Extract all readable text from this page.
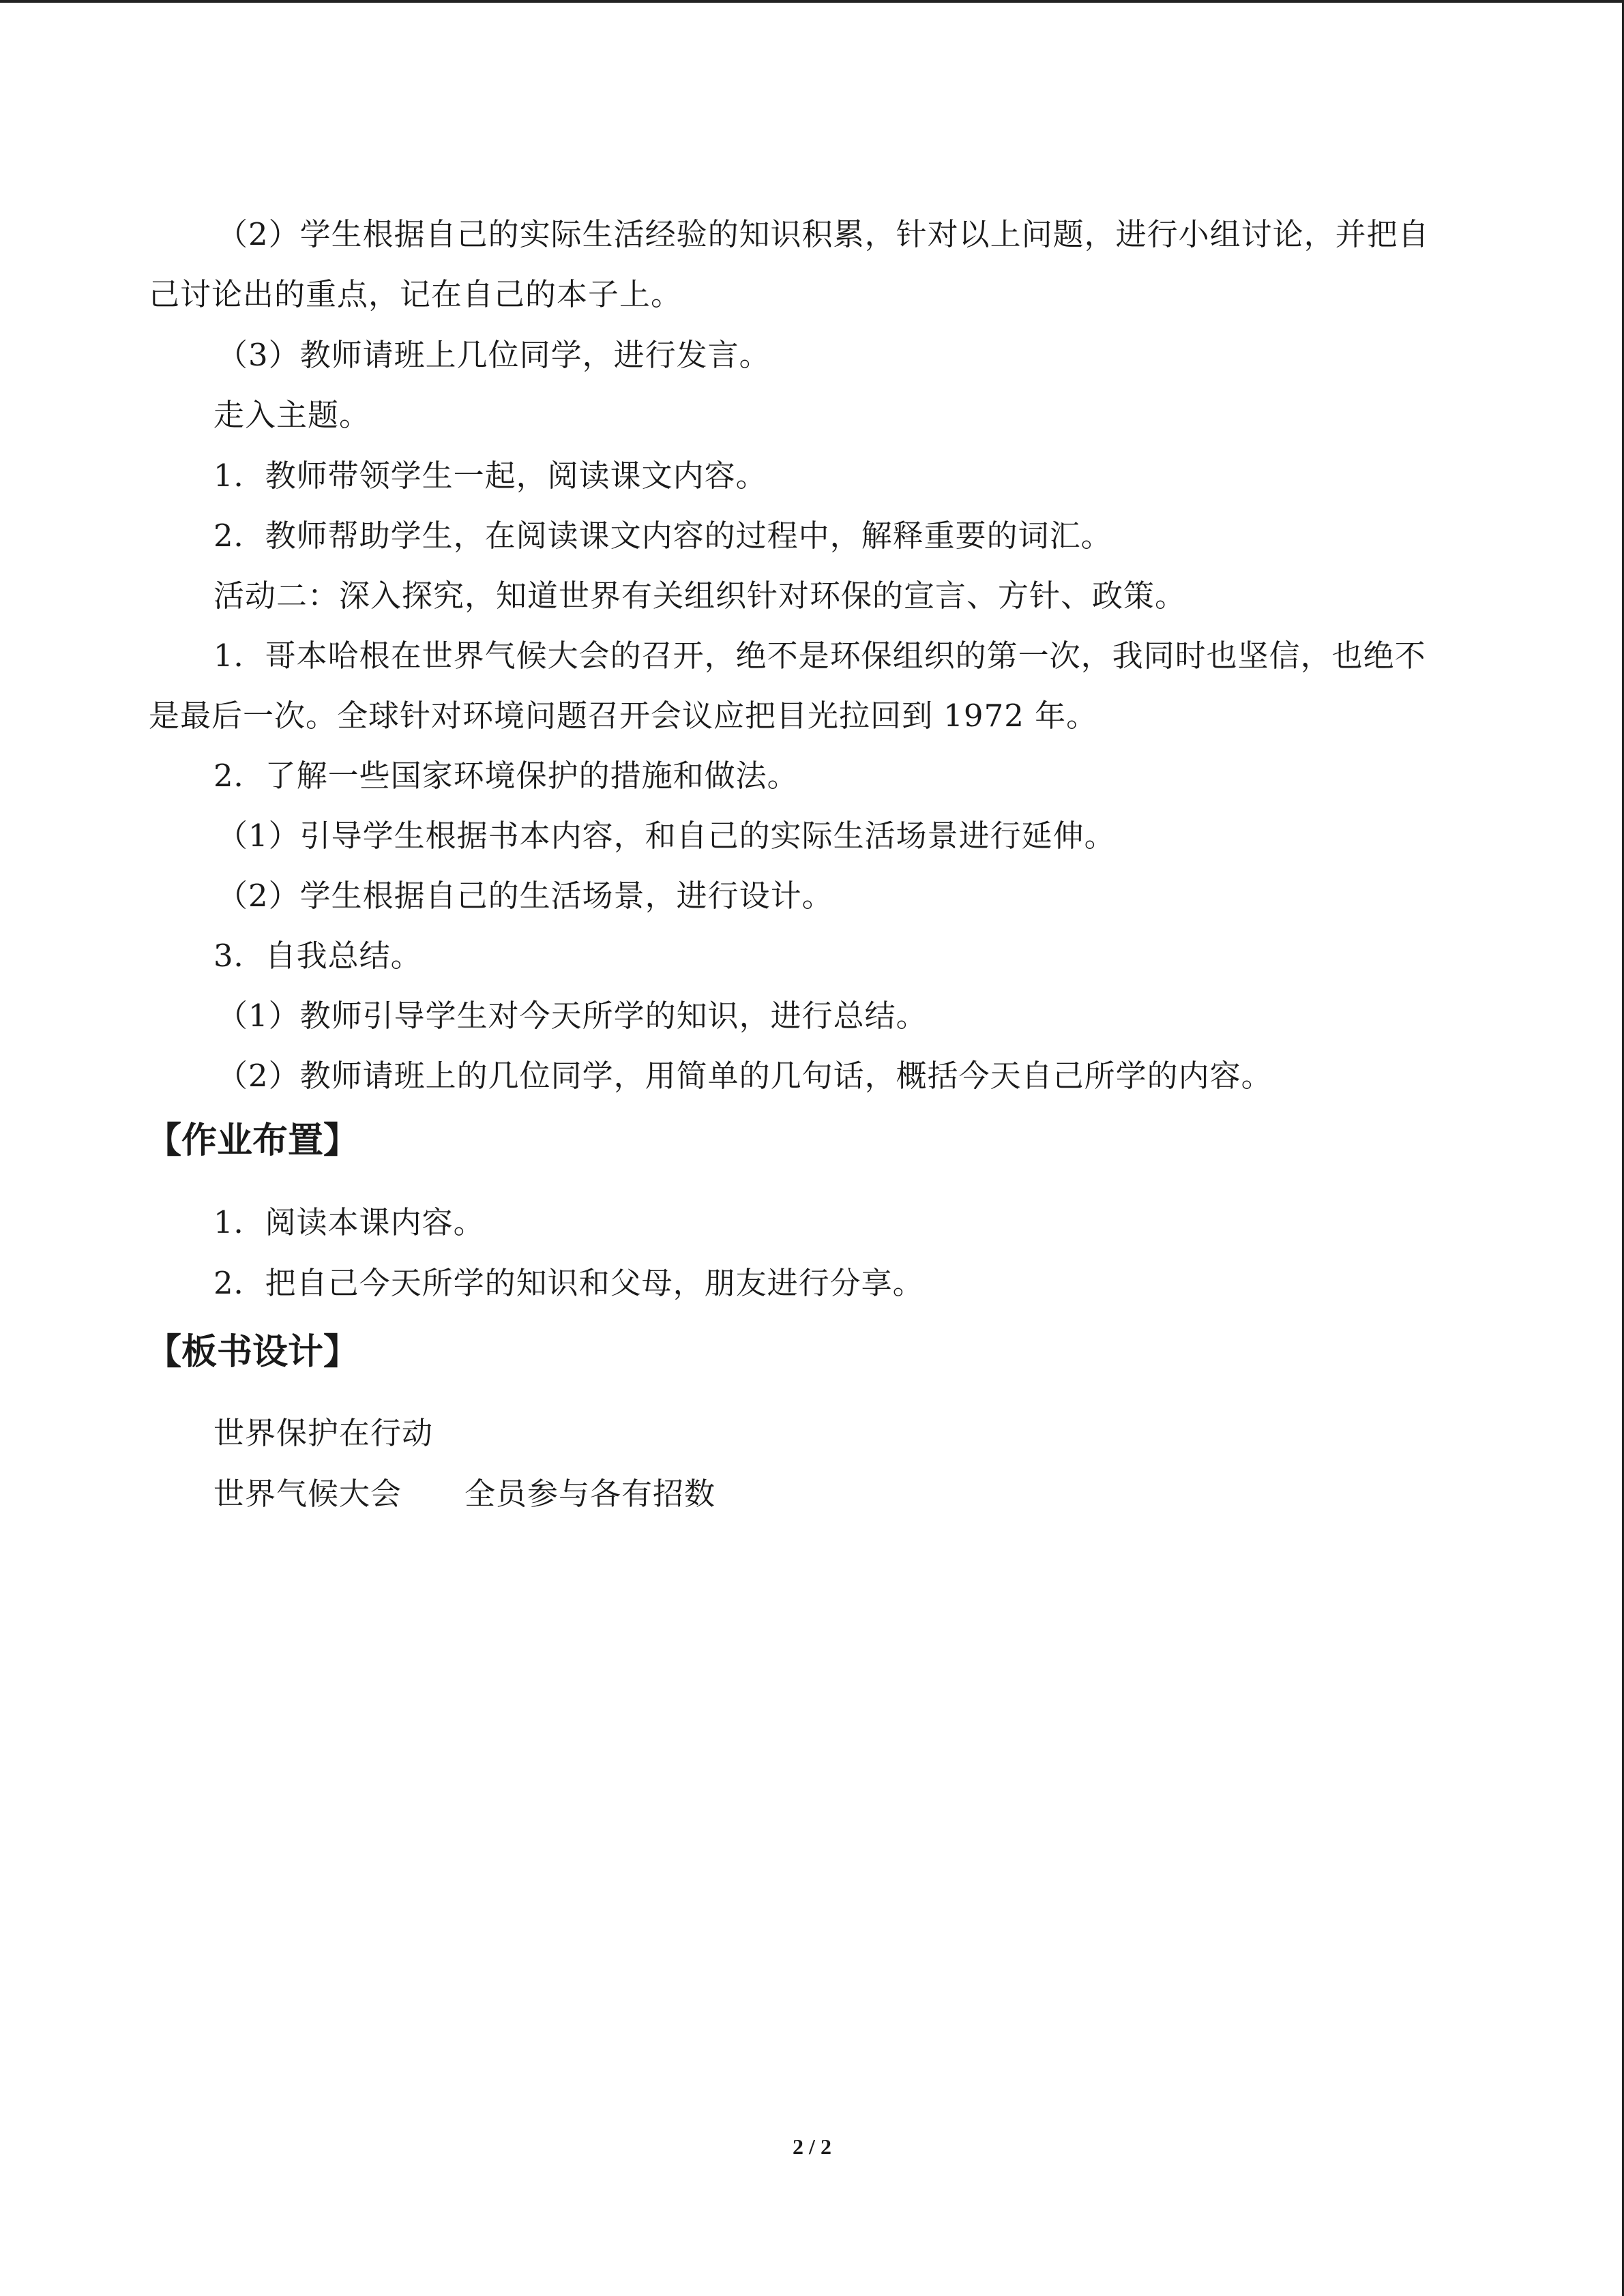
（2）学生根据自己的实际生活经验的知识积累，针对以上问题，进行小组讨论，并把自
己讨论出的重点，记在自己的本子上。
（3）教师请班上几位同学，进行发言。
走入主题。
1．教师带领学生一起，阅读课文内容。
2．教师帮助学生，在阅读课文内容的过程中，解释重要的词汇。
活动二：深入探究，知道世界有关组织针对环保的宣言、方针、政策。
1．哥本哈根在世界气候大会的召开，绝不是环保组织的第一次，我同时也坚信，也绝不
是最后一次。全球针对环境问题召开会议应把目光拉回到 1972 年。
2．了解一些国家环境保护的措施和做法。
（1）引导学生根据书本内容，和自己的实际生活场景进行延伸。
（2）学生根据自己的生活场景，进行设计。
3．自我总结。
（1）教师引导学生对今天所学的知识，进行总结。
（2）教师请班上的几位同学，用简单的几句话，概括今天自己所学的内容。
【作业布置】
1．阅读本课内容。
2．把自己今天所学的知识和父母，朋友进行分享。
【板书设计】
世界保护在行动
世界气候大会　　全员参与各有招数
2 / 2
